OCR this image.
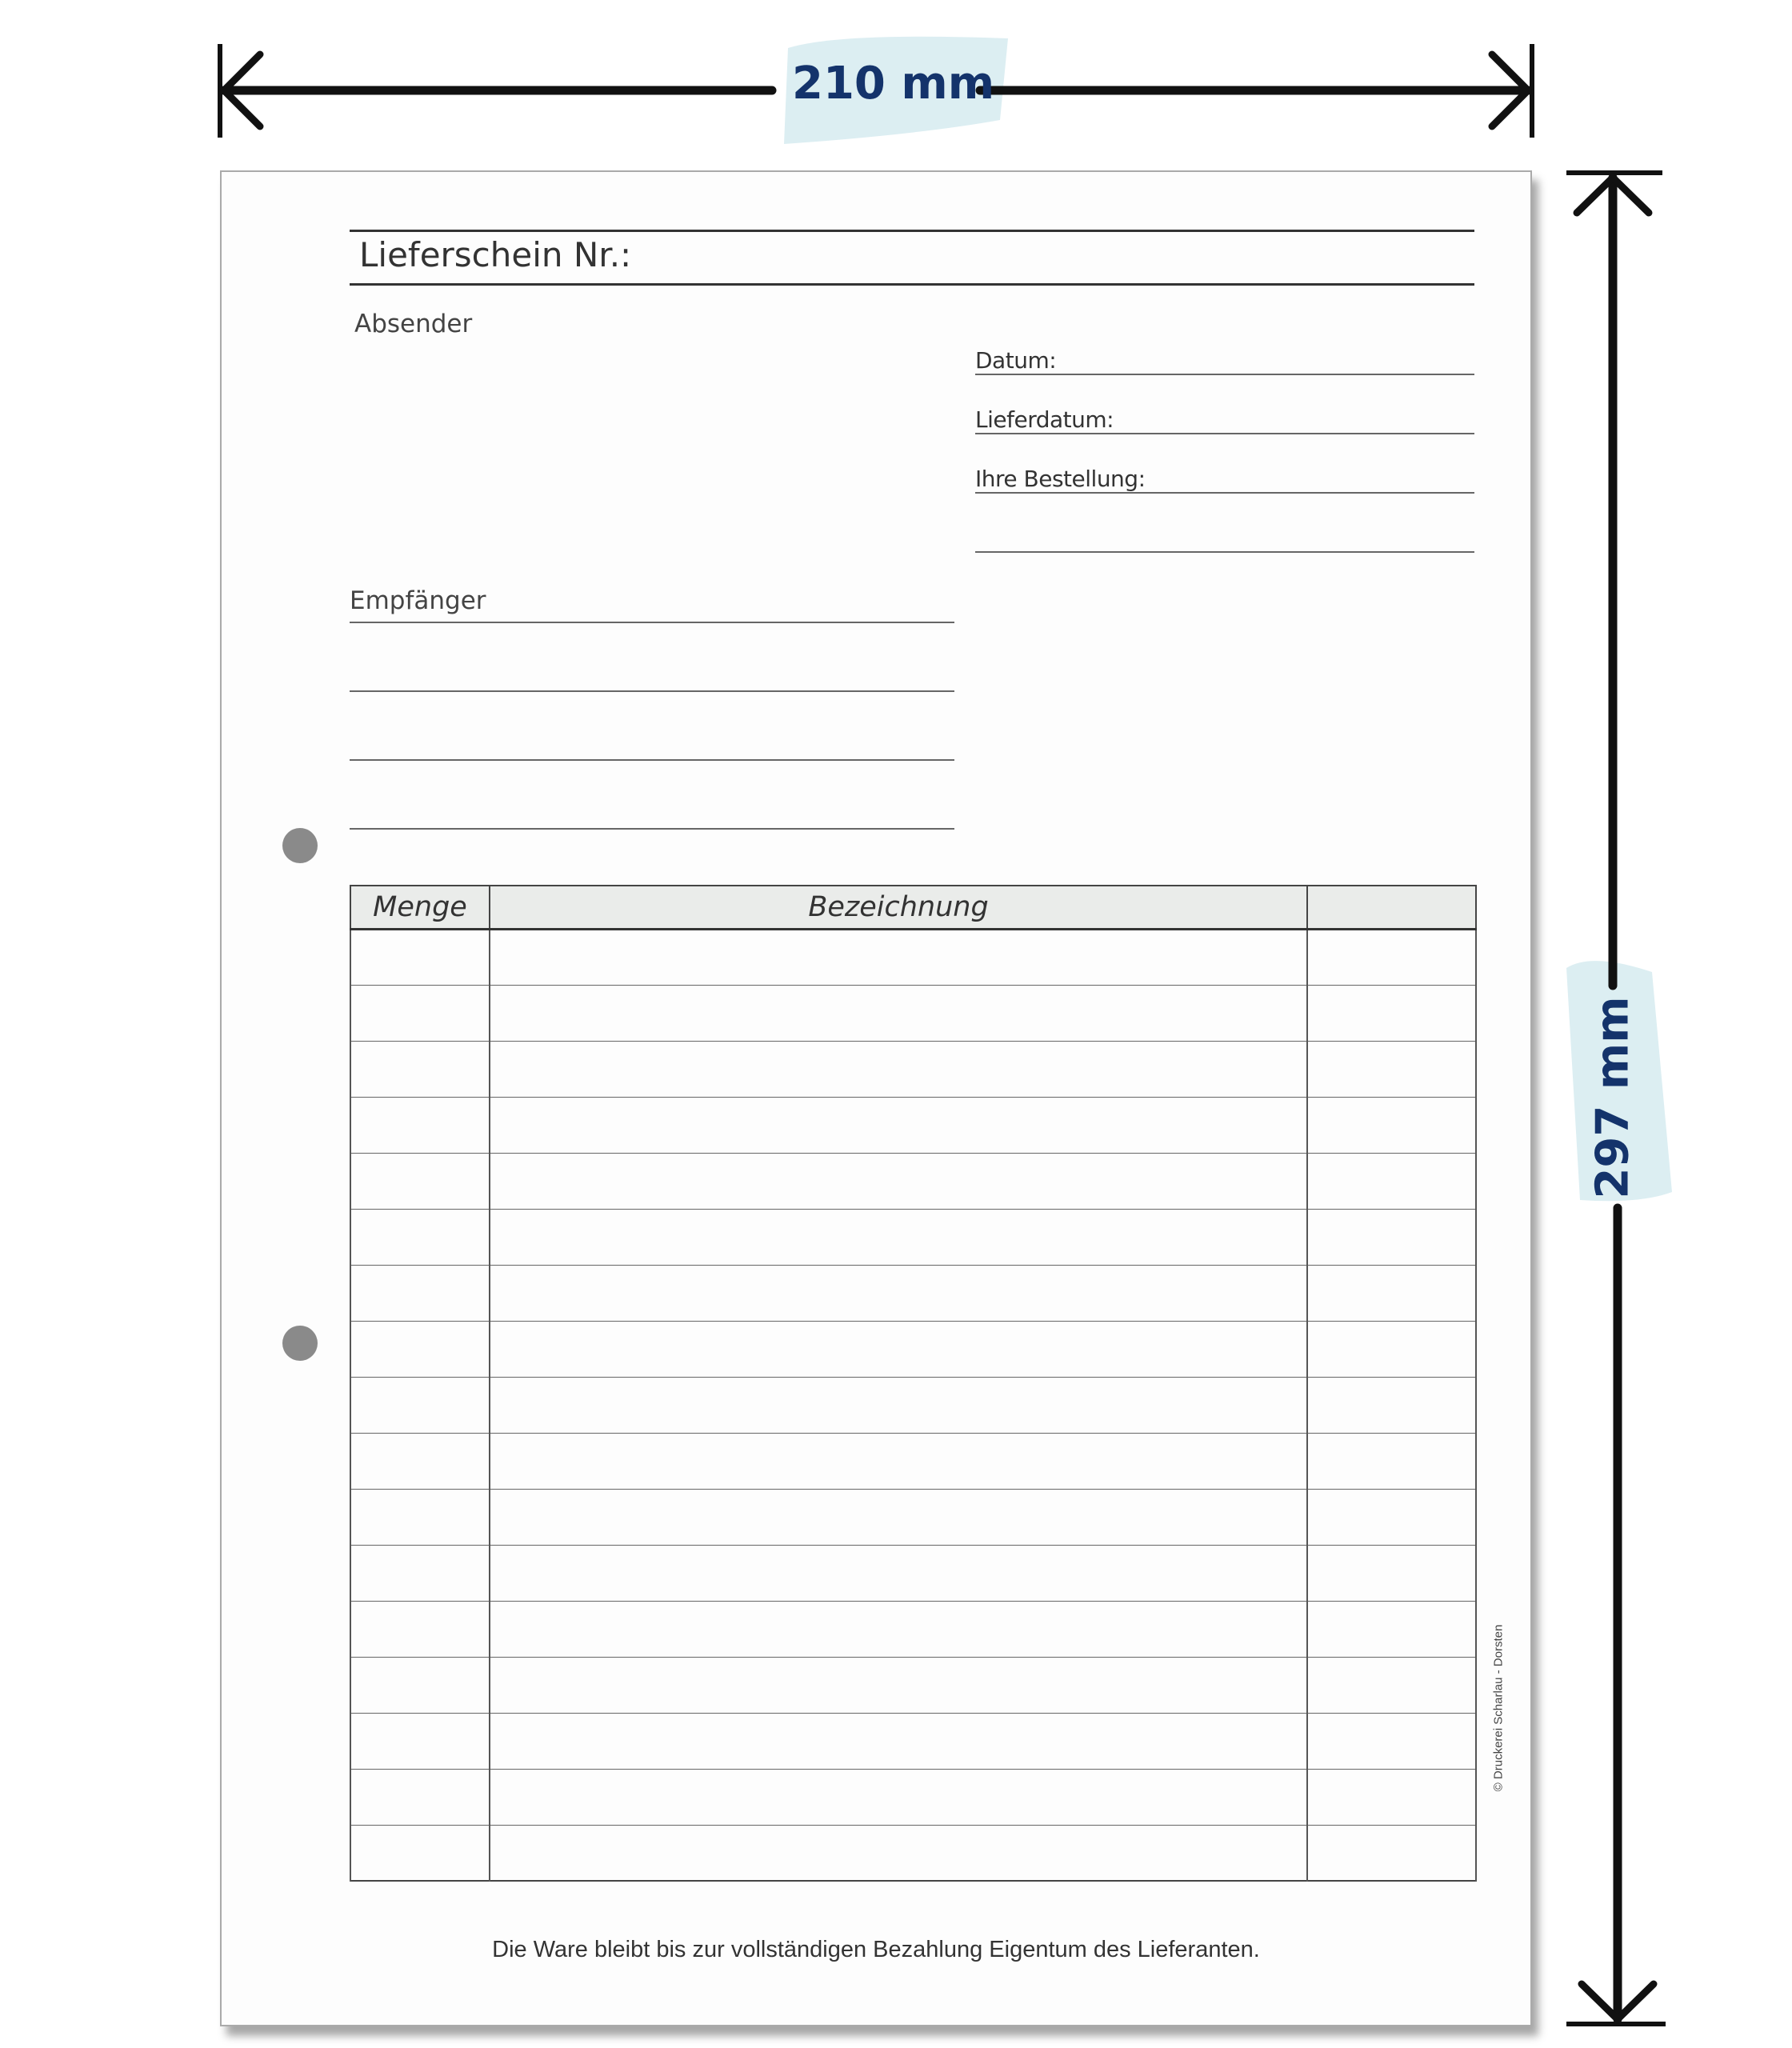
210 mm
297 mm
Lieferschein Nr.:
Absender
Datum:
Lieferdatum:
Ihre Bestellung:
Empfänger
Menge	Bezeichnung	

Die Ware bleibt bis zur vollständigen Bezahlung Eigentum des Lieferanten.
© Druckerei Scharlau - Dorsten
